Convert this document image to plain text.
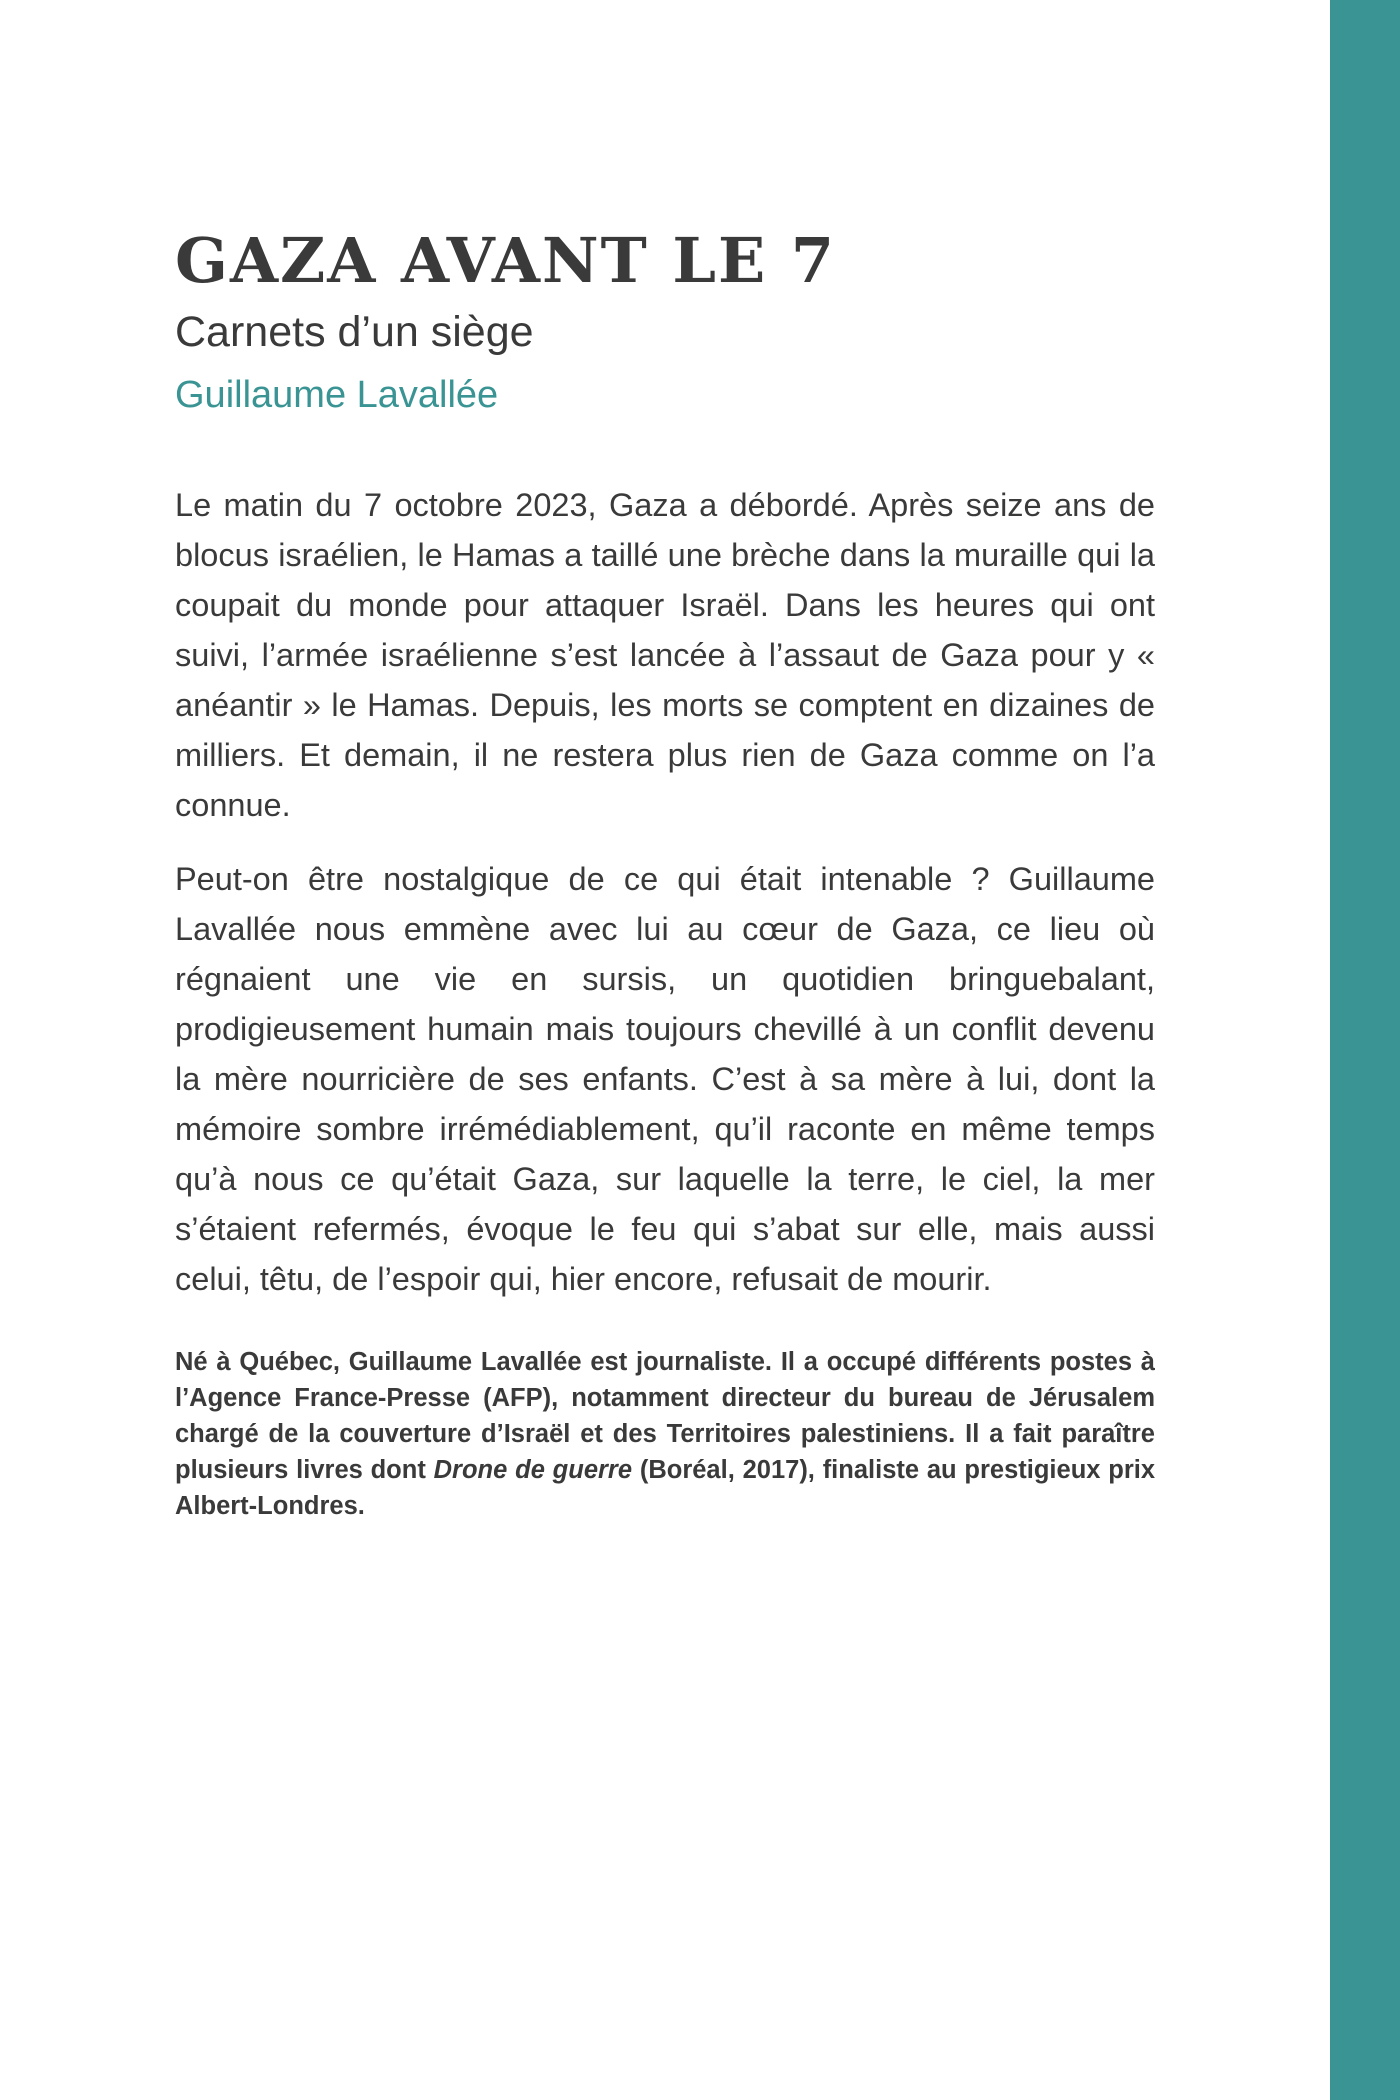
GAZA AVANT LE 7
Carnets d’un siège
Guillaume Lavallée

Le matin du 7 octobre 2023, Gaza a débordé. Après seize ans de blocus israélien, le Hamas a taillé une brèche dans la muraille qui la coupait du monde pour attaquer Israël. Dans les heures qui ont suivi, l’armée israélienne s’est lancée à l’assaut de Gaza pour y « anéantir » le Hamas. Depuis, les morts se comptent en dizaines de milliers. Et demain, il ne restera plus rien de Gaza comme on l’a connue.

Peut-on être nostalgique de ce qui était intenable ? Guillaume Lavallée nous emmène avec lui au cœur de Gaza, ce lieu où régnaient une vie en sursis, un quotidien bringuebalant, prodigieusement humain mais toujours chevillé à un conflit devenu la mère nourricière de ses enfants. C’est à sa mère à lui, dont la mémoire sombre irrémédiablement, qu’il raconte en même temps qu’à nous ce qu’était Gaza, sur laquelle la terre, le ciel, la mer s’étaient refermés, évoque le feu qui s’abat sur elle, mais aussi celui, têtu, de l’espoir qui, hier encore, refusait de mourir.

Né à Québec, Guillaume Lavallée est journaliste. Il a occupé différents postes à l’Agence France-Presse (AFP), notamment directeur du bureau de Jérusalem chargé de la couverture d’Israël et des Territoires palestiniens. Il a fait paraître plusieurs livres dont Drone de guerre (Boréal, 2017), finaliste au prestigieux prix Albert-Londres.
